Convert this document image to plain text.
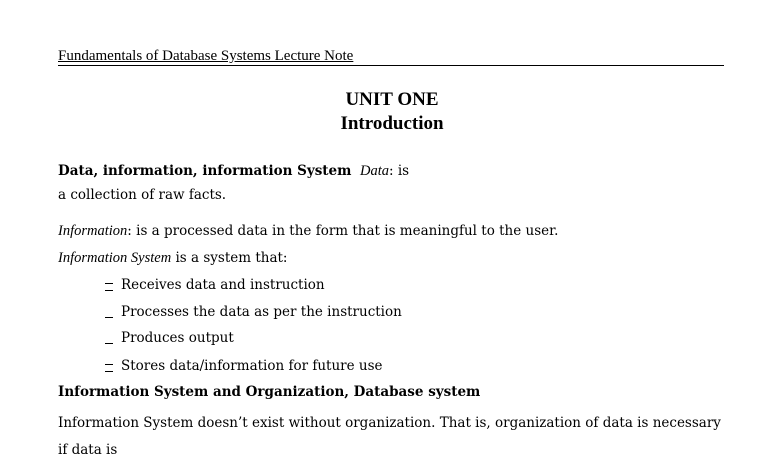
Fundamentals of Database Systems Lecture Note
UNIT ONE
Introduction
Data, information, information System Data: is
a collection of raw facts.
Information: is a processed data in the form that is meaningful to the user.
Information System is a system that:
Receives data and instruction
Processes the data as per the instruction
Produces output
Stores data/information for future use
Information System and Organization, Database system
Information System doesn’t exist without organization. That is, organization of data is necessary if data is
